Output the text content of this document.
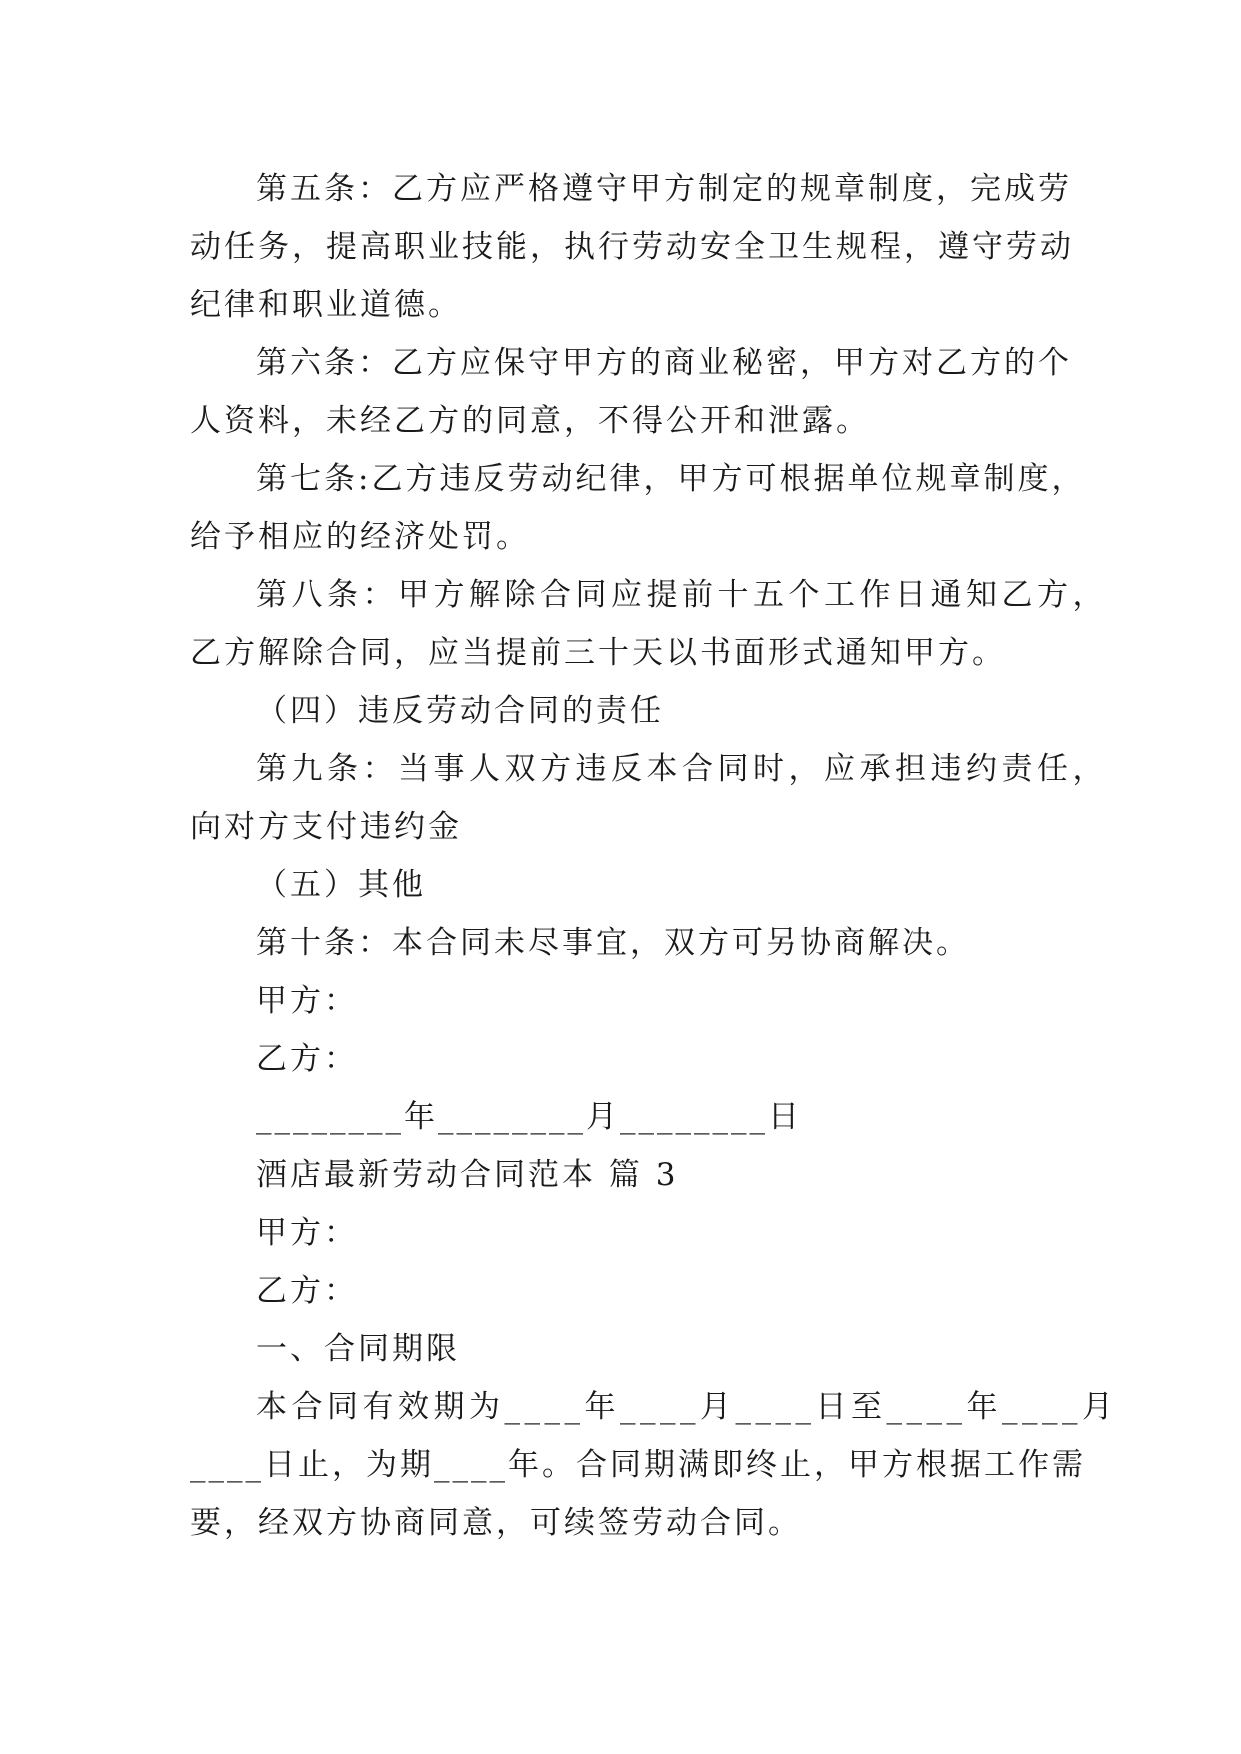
第五条：乙方应严格遵守甲方制定的规章制度，完成劳
动任务，提高职业技能，执行劳动安全卫生规程，遵守劳动
纪律和职业道德。
第六条：乙方应保守甲方的商业秘密，甲方对乙方的个
人资料，未经乙方的同意，不得公开和泄露。
第七条:乙方违反劳动纪律，甲方可根据单位规章制度，
给予相应的经济处罚。
第八条：甲方解除合同应提前十五个工作日通知乙方，
乙方解除合同，应当提前三十天以书面形式通知甲方。
（四）违反劳动合同的责任
第九条：当事人双方违反本合同时，应承担违约责任，
向对方支付违约金
（五）其他
第十条：本合同未尽事宜，双方可另协商解决。
甲方：
乙方：
________年________月________日
酒店最新劳动合同范本 篇 3
甲方：
乙方：
一、合同期限
本合同有效期为____年____月____日至____年____月
____日止，为期____年。合同期满即终止，甲方根据工作需
要，经双方协商同意，可续签劳动合同。
